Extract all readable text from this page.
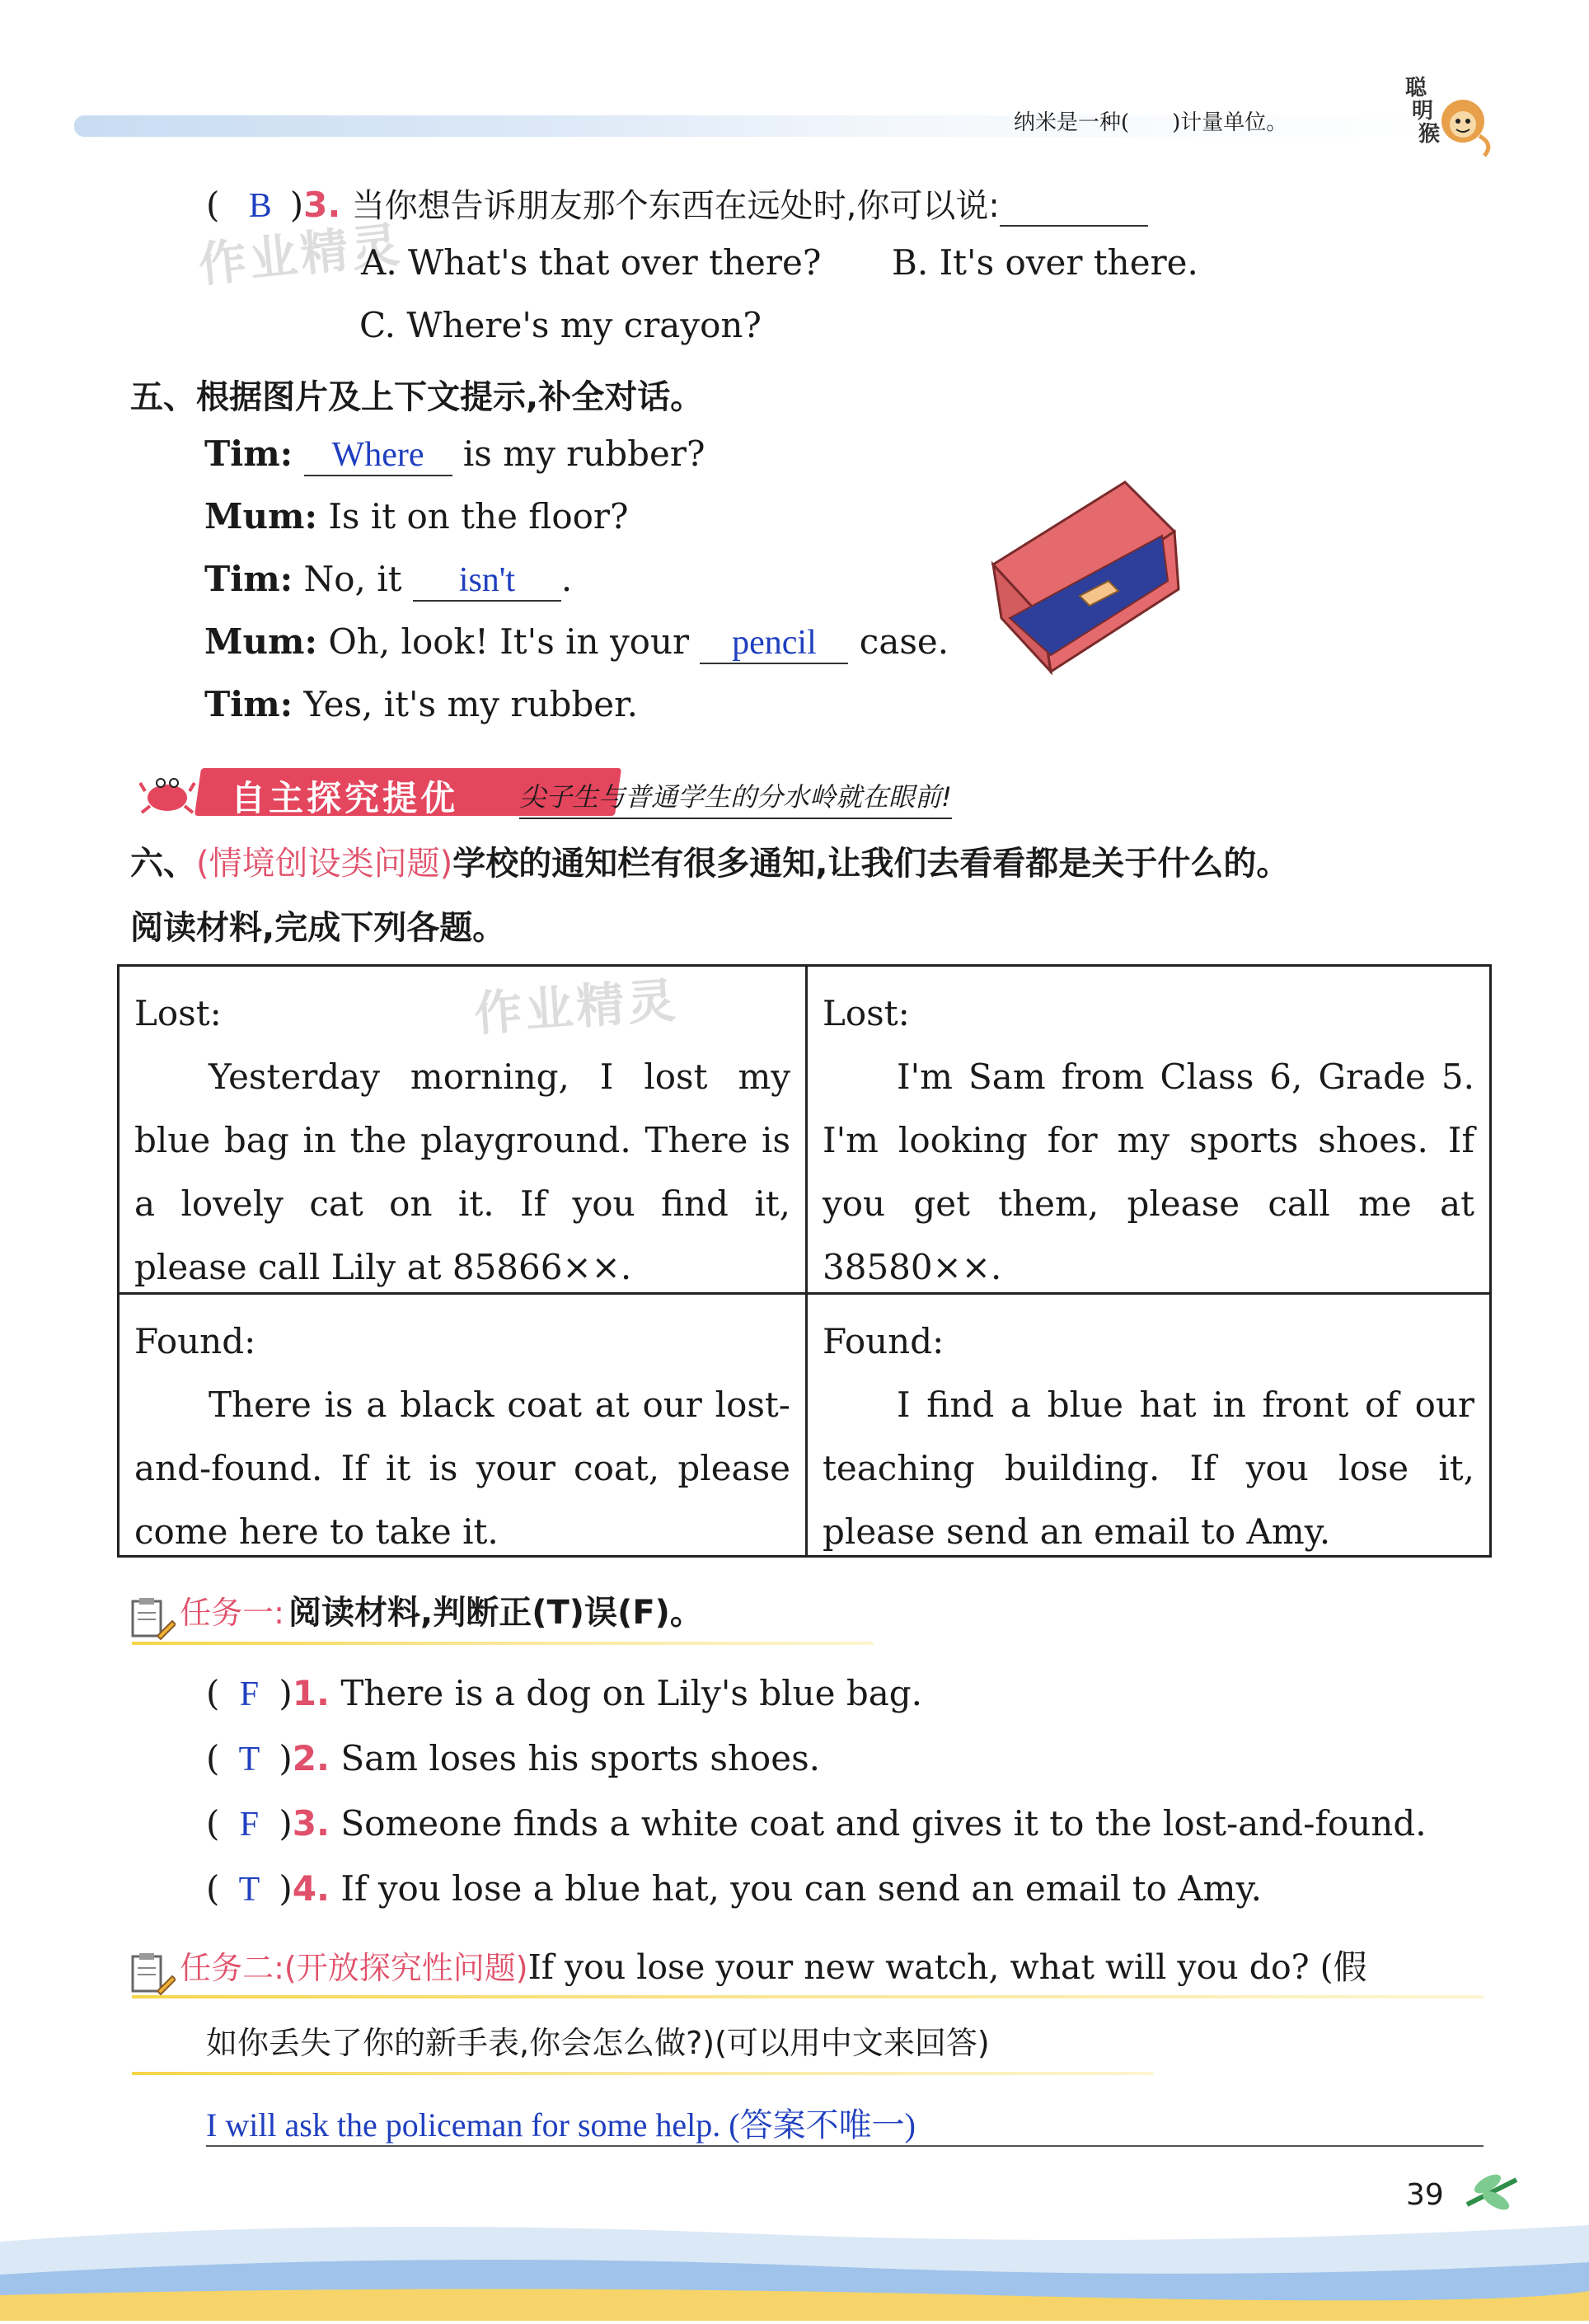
纳米是一种(　　)计量单位。
聪
明
猴
作业精灵
作业精灵
( B )3. 当你想告诉朋友那个东西在远处时,你可以说:
A. What's that over there? B. It's over there.
C. Where's my crayon?
五、根据图片及上下文提示,补全对话。
Tim: Where is my rubber?
Mum: Is it on the floor?
Tim: No, it isn't .
Mum: Oh, look! It's in your pencil case.
Tim: Yes, it's my rubber.
自主探究提优 尖子生与普通学生的分水岭就在眼前!
六、(情境创设类问题)学校的通知栏有很多通知,让我们去看看都是关于什么的。
阅读材料,完成下列各题。
Lost:
Yesterday morning, I lost my blue bag in the playground. There is a lovely cat on it. If you find it, please call Lily at 85866××.
Lost:
I'm Sam from Class 6, Grade 5. I'm looking for my sports shoes. If you get them, please call me at 38580××.
Found:
There is a black coat at our lost-and-found. If it is your coat, please come here to take it.
Found:
I find a blue hat in front of our teaching building. If you lose it, please send an email to Amy.
任务一: 阅读材料,判断正(T)误(F)。
( F )1. There is a dog on Lily's blue bag.
( T )2. Sam loses his sports shoes.
( F )3. Someone finds a white coat and gives it to the lost-and-found.
( T )4. If you lose a blue hat, you can send an email to Amy.
任务二:(开放探究性问题)If you lose your new watch, what will you do? (假
如你丢失了你的新手表,你会怎么做?)(可以用中文来回答)
I will ask the policeman for some help. (答案不唯一)
39
